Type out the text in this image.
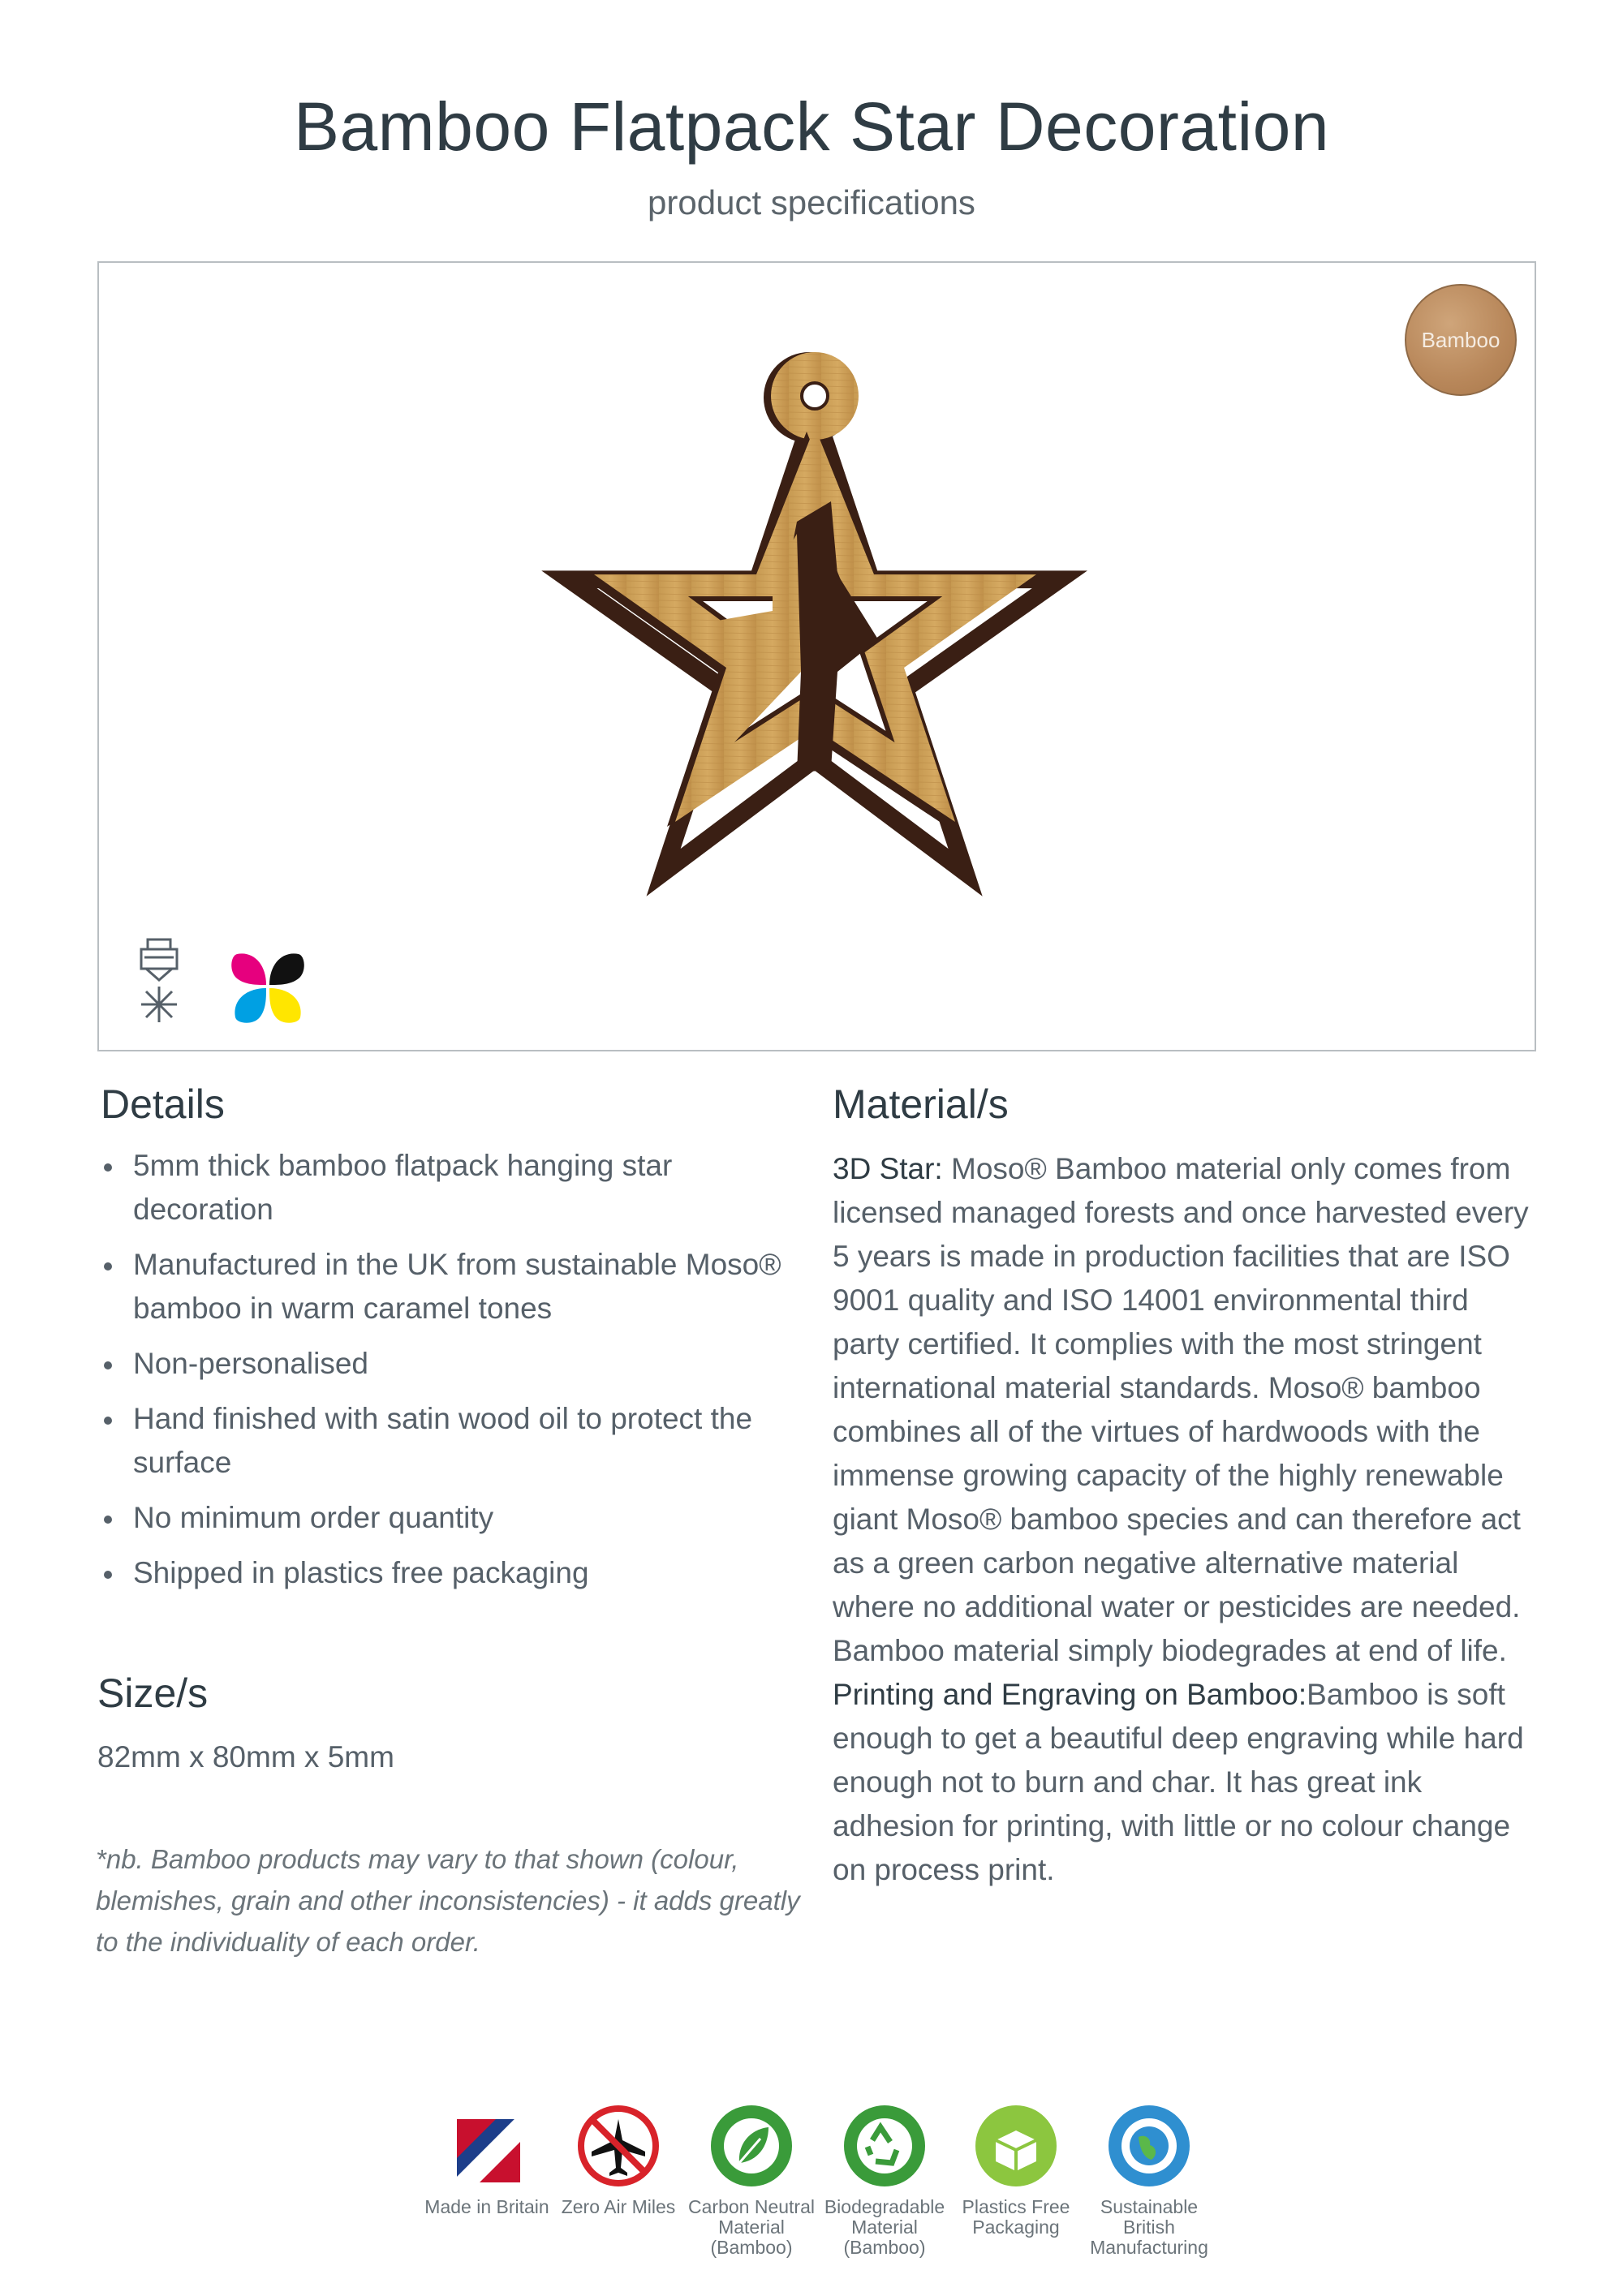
Bamboo Flatpack Star Decoration
product specifications
Bamboo
Details
5mm thick bamboo flatpack hanging star decoration
Manufactured in the UK from sustainable Moso® bamboo in warm caramel tones
Non-personalised
Hand finished with satin wood oil to protect the surface
No minimum order quantity
Shipped in plastics free packaging
Size/s
82mm x 80mm x 5mm
*nb. Bamboo products may vary to that shown (colour, blemishes, grain and other inconsistencies) - it adds greatly to the individuality of each order.
Material/s
3D Star: Moso® Bamboo material only comes from licensed managed forests and once harvested every 5 years is made in production facilities that are ISO 9001 quality and ISO 14001 environmental third party certified. It complies with the most stringent international material standards. Moso® bamboo combines all of the virtues of hardwoods with the immense growing capacity of the highly renewable giant Moso® bamboo species and can therefore act as a green carbon negative alternative material where no additional water or pesticides are needed. Bamboo material simply biodegrades at end of life.
Printing and Engraving on Bamboo:Bamboo is soft enough to get a beautiful deep engraving while hard enough not to burn and char. It has great ink adhesion for printing, with little or no colour change on process print.
Made in Britain Zero Air Miles Carbon Neutral Material (Bamboo)
Biodegradable Material (Bamboo)
Plastics Free Packaging
Sustainable British Manufacturing
